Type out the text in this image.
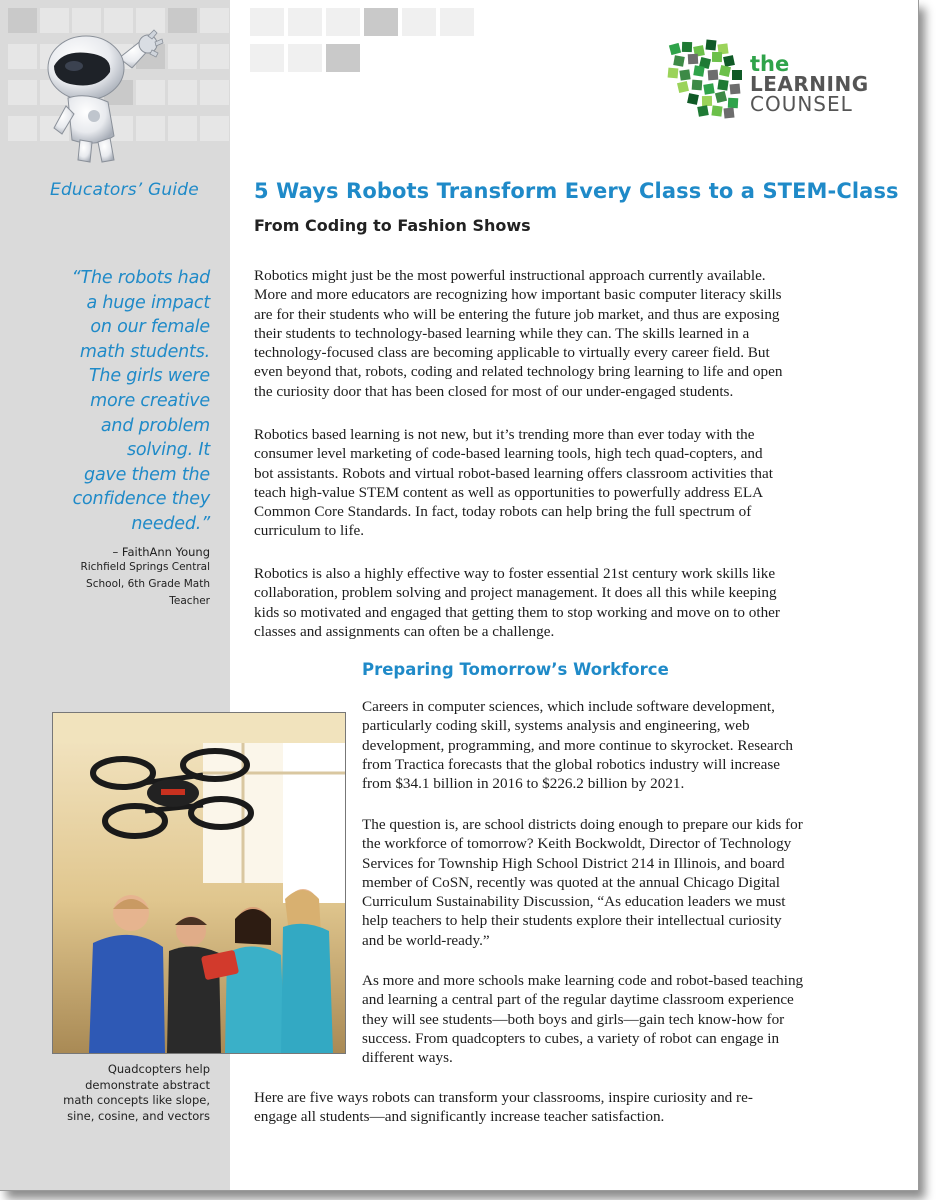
the
LEARNING
COUNSEL
Educators’ Guide	5 Ways Robots Transform Every Class to a STEM-Class
From Coding to Fashion Shows
“The robots had
a huge impact
on our female
math students.
The girls were
more creative
and problem
solving. It
gave them the
confidence they
needed.”
– FaithAnn Young
Richfield Springs Central
School, 6th Grade Math
Teacher
Robotics might just be the most powerful instructional approach currently available.
More and more educators are recognizing how important basic computer literacy skills
are for their students who will be entering the future job market, and thus are exposing
their students to technology-based learning while they can. The skills learned in a
technology-focused class are becoming applicable to virtually every career field. But
even beyond that, robots, coding and related technology bring learning to life and open
the curiosity door that has been closed for most of our under-engaged students.
Robotics based learning is not new, but it’s trending more than ever today with the
consumer level marketing of code-based learning tools, high tech quad-copters, and
bot assistants. Robots and virtual robot-based learning offers classroom activities that
teach high-value STEM content as well as opportunities to powerfully address ELA
Common Core Standards. In fact, today robots can help bring the full spectrum of
curriculum to life.
Robotics is also a highly effective way to foster essential 21st century work skills like
collaboration, problem solving and project management. It does all this while keeping
kids so motivated and engaged that getting them to stop working and move on to other
classes and assignments can often be a challenge.
Preparing Tomorrow’s Workforce
Careers in computer sciences, which include software development,
particularly coding skill, systems analysis and engineering, web
development, programming, and more continue to skyrocket. Research
from Tractica forecasts that the global robotics industry will increase
from $34.1 billion in 2016 to $226.2 billion by 2021.
The question is, are school districts doing enough to prepare our kids for
the workforce of tomorrow? Keith Bockwoldt, Director of Technology
Services for Township High School District 214 in Illinois, and board
member of CoSN, recently was quoted at the annual Chicago Digital
Curriculum Sustainability Discussion, “As education leaders we must
help teachers to help their students explore their intellectual curiosity
and be world-ready.”
As more and more schools make learning code and robot-based teaching
and learning a central part of the regular daytime classroom experience
they will see students—both boys and girls—gain tech know-how for
success. From quadcopters to cubes, a variety of robot can engage in
different ways.
Here are five ways robots can transform your classrooms, inspire curiosity and re-
engage all students—and significantly increase teacher satisfaction.
Quadcopters help
demonstrate abstract
math concepts like slope,
sine, cosine, and vectors
